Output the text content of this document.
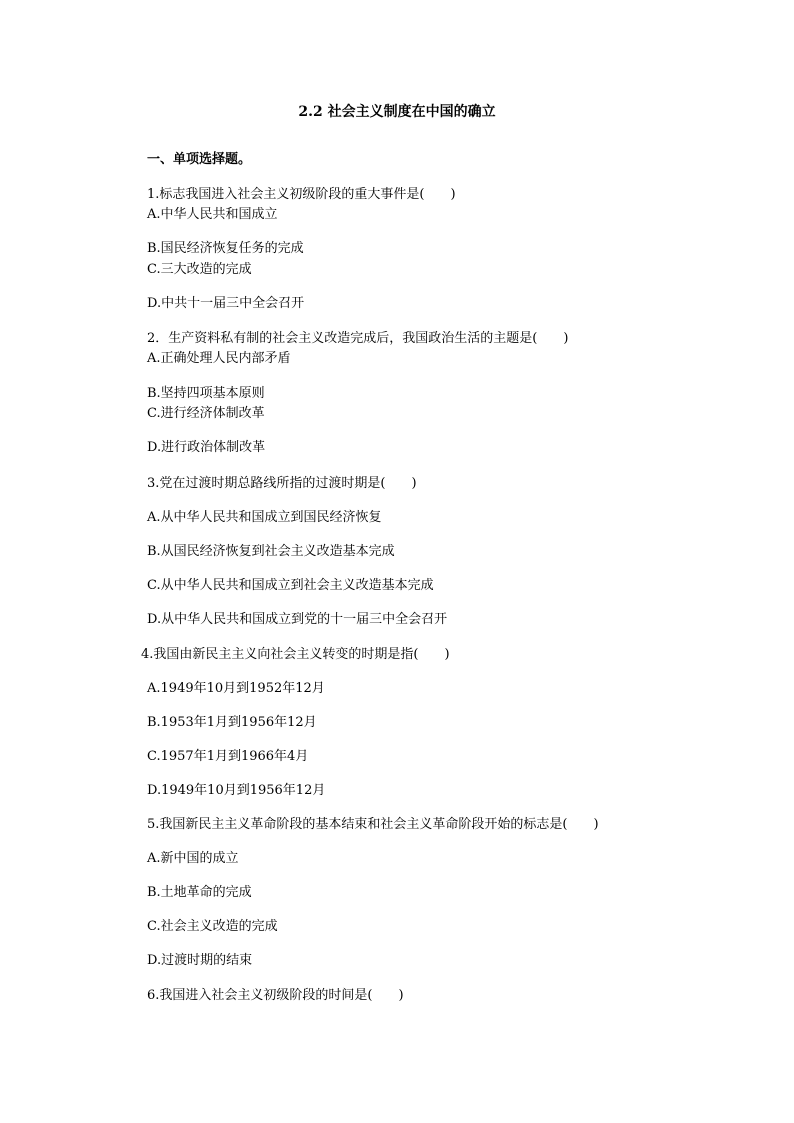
2.2 社会主义制度在中国的确立
一、单项选择题。
1.标志我国进入社会主义初级阶段的重大事件是(　　)
A.中华人民共和国成立
B.国民经济恢复任务的完成
C.三大改造的完成
D.中共十一届三中全会召开
2．生产资料私有制的社会主义改造完成后，我国政治生活的主题是(　　)
A.正确处理人民内部矛盾
B.坚持四项基本原则
C.进行经济体制改革
D.进行政治体制改革
3.党在过渡时期总路线所指的过渡时期是(　　)
A.从中华人民共和国成立到国民经济恢复
B.从国民经济恢复到社会主义改造基本完成
C.从中华人民共和国成立到社会主义改造基本完成
D.从中华人民共和国成立到党的十一届三中全会召开
4.我国由新民主主义向社会主义转变的时期是指(　　)
A.1949年10月到1952年12月
B.1953年1月到1956年12月
C.1957年1月到1966年4月
D.1949年10月到1956年12月
5.我国新民主主义革命阶段的基本结束和社会主义革命阶段开始的标志是(　　)
A.新中国的成立
B.土地革命的完成
C.社会主义改造的完成
D.过渡时期的结束
6.我国进入社会主义初级阶段的时间是(　　)
